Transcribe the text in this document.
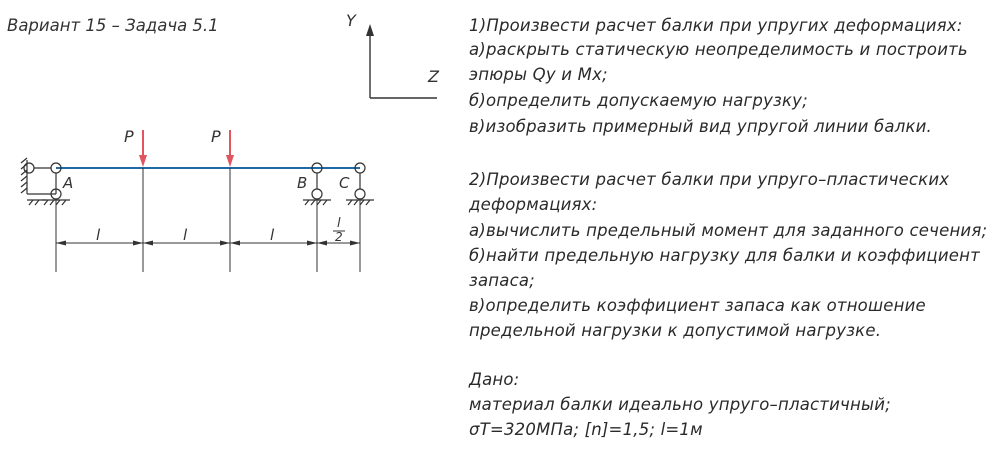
Вариант 15 – Задача 5.1	Y
Z
P	P
A	B C
l	l	l
l
2
1)Произвести расчет балки при упругих деформациях:
а)раскрыть статическую неопределимость и построить
эпюры Qy и Mx;
б)определить допускаемую нагрузку;
в)изобразить примерный вид упругой линии балки.
2)Произвести расчет балки при упруго–пластических
деформациях:
а)вычислить предельный момент для заданного сечения;
б)найти предельную нагрузку для балки и коэффициент
запаса;
в)определить коэффициент запаса как отношение
предельной нагрузки к допустимой нагрузке.
Дано:
материал балки идеально упруго–пластичный;
σТ=320МПа; [n]=1,5; l=1м
